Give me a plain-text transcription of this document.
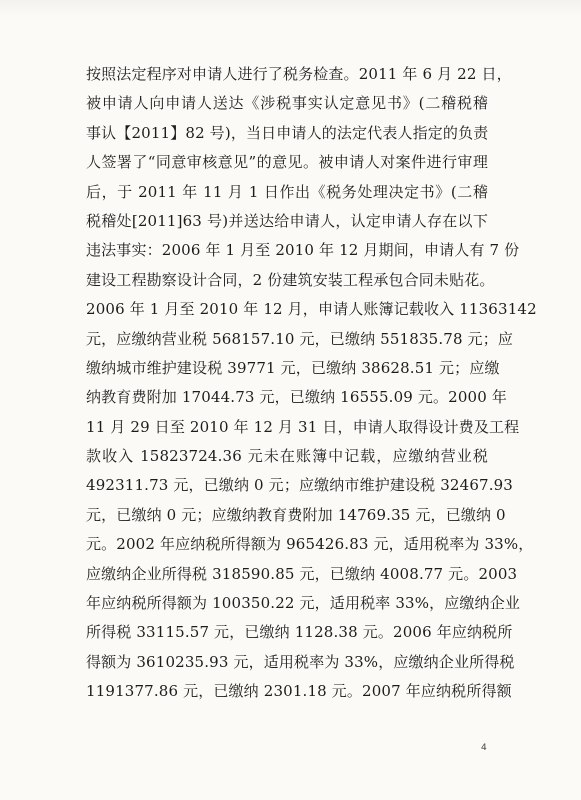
按照法定程序对申请人进行了税务检查。2011 年 6 月 22 日，
被申请人向申请人送达《涉税事实认定意见书》(二稽税稽
事认【2011】82 号)，当日申请人的法定代表人指定的负责
人签署了“同意审核意见”的意见。被申请人对案件进行审理
后，于 2011 年 11 月 1 日作出《税务处理决定书》(二稽
税稽处[2011]63 号)并送达给申请人，认定申请人存在以下
违法事实：2006 年 1 月至 2010 年 12 月期间，申请人有 7 份
建设工程勘察设计合同，2 份建筑安装工程承包合同未贴花。
2006 年 1 月至 2010 年 12 月，申请人账簿记载收入 11363142
元，应缴纳营业税 568157.10 元，已缴纳 551835.78 元；应
缴纳城市维护建设税 39771 元，已缴纳 38628.51 元；应缴
纳教育费附加 17044.73 元，已缴纳 16555.09 元。2000 年
11 月 29 日至 2010 年 12 月 31 日，申请人取得设计费及工程
款收入 15823724.36 元未在账簿中记载，应缴纳营业税
492311.73 元，已缴纳 0 元；应缴纳市维护建设税 32467.93
元，已缴纳 0 元；应缴纳教育费附加 14769.35 元，已缴纳 0
元。2002 年应纳税所得额为 965426.83 元，适用税率为 33%，
应缴纳企业所得税 318590.85 元，已缴纳 4008.77 元。2003
年应纳税所得额为 100350.22 元，适用税率 33%，应缴纳企业
所得税 33115.57 元，已缴纳 1128.38 元。2006 年应纳税所
得额为 3610235.93 元，适用税率为 33%，应缴纳企业所得税
1191377.86 元，已缴纳 2301.18 元。2007 年应纳税所得额
4
